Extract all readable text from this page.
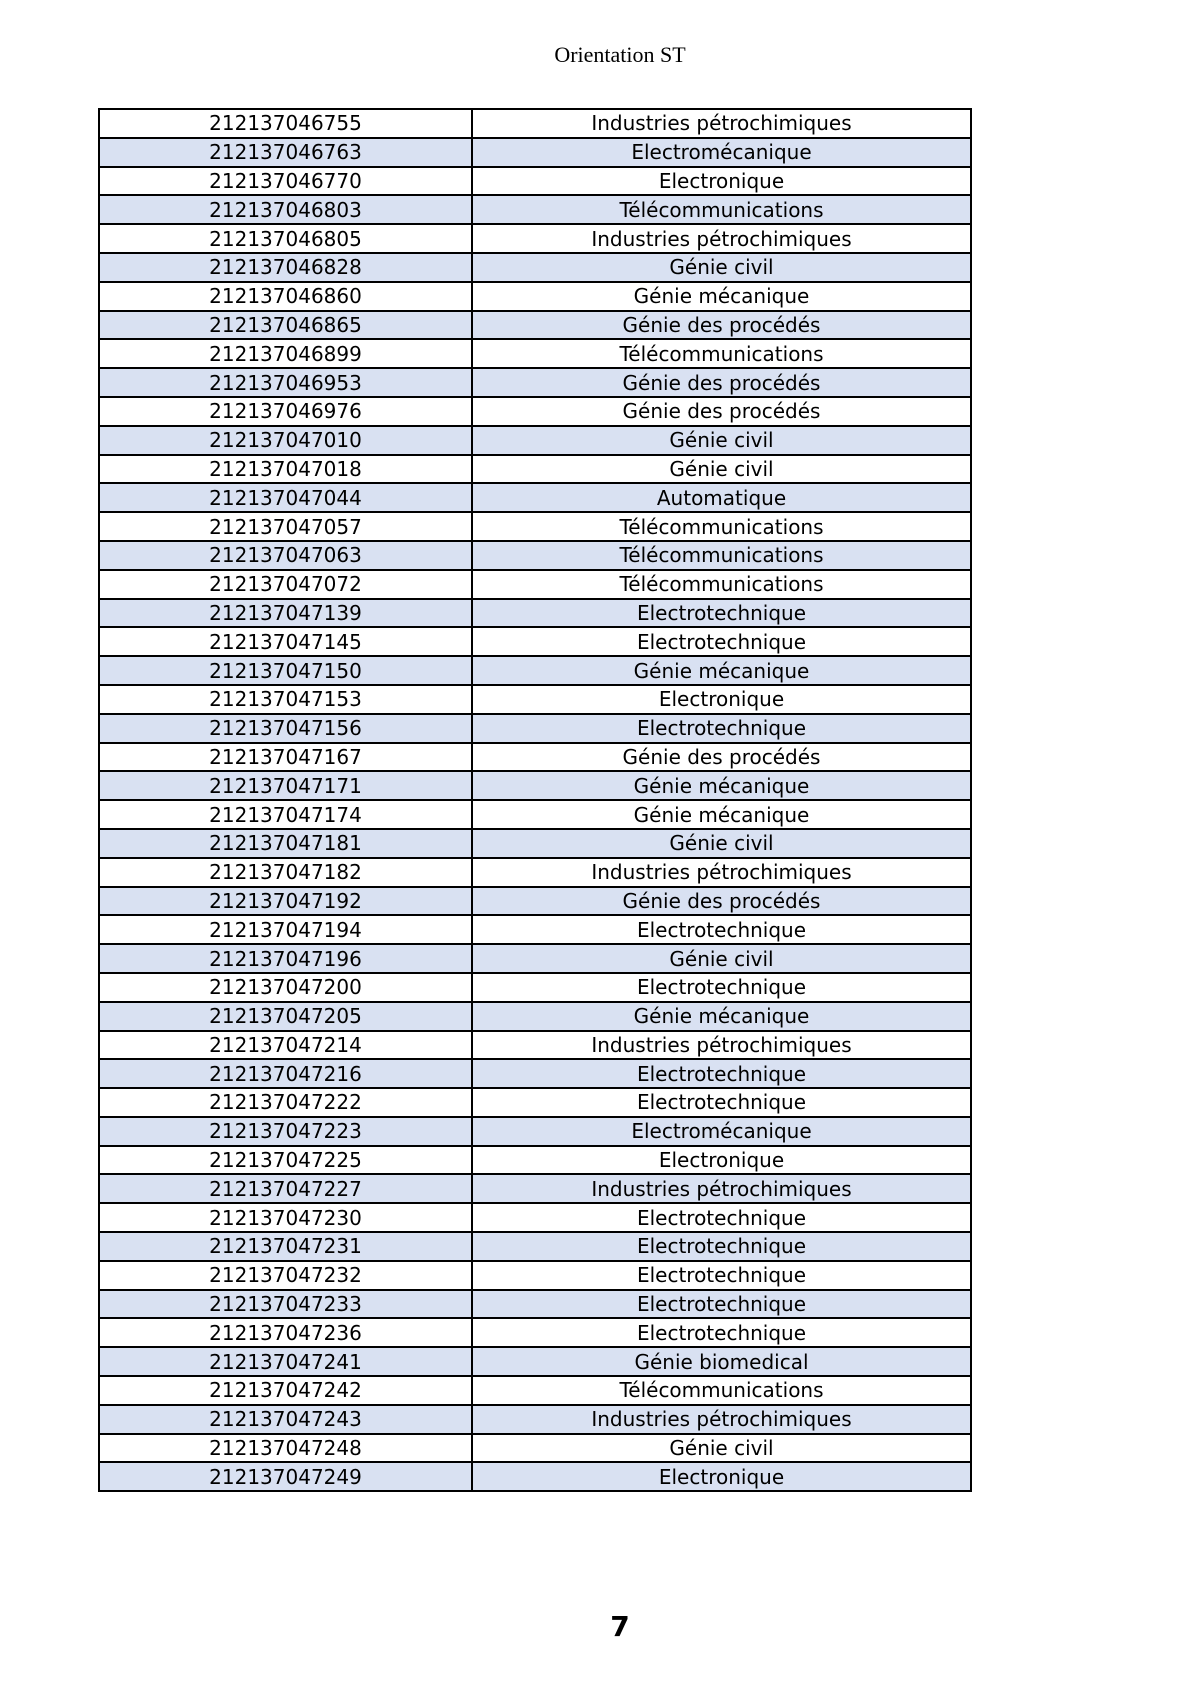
Orientation ST
212137046755	Industries pétrochimiques
212137046763	Electromécanique
212137046770	Electronique
212137046803	Télécommunications
212137046805	Industries pétrochimiques
212137046828	Génie civil
212137046860	Génie mécanique
212137046865	Génie des procédés
212137046899	Télécommunications
212137046953	Génie des procédés
212137046976	Génie des procédés
212137047010	Génie civil
212137047018	Génie civil
212137047044	Automatique
212137047057	Télécommunications
212137047063	Télécommunications
212137047072	Télécommunications
212137047139	Electrotechnique
212137047145	Electrotechnique
212137047150	Génie mécanique
212137047153	Electronique
212137047156	Electrotechnique
212137047167	Génie des procédés
212137047171	Génie mécanique
212137047174	Génie mécanique
212137047181	Génie civil
212137047182	Industries pétrochimiques
212137047192	Génie des procédés
212137047194	Electrotechnique
212137047196	Génie civil
212137047200	Electrotechnique
212137047205	Génie mécanique
212137047214	Industries pétrochimiques
212137047216	Electrotechnique
212137047222	Electrotechnique
212137047223	Electromécanique
212137047225	Electronique
212137047227	Industries pétrochimiques
212137047230	Electrotechnique
212137047231	Electrotechnique
212137047232	Electrotechnique
212137047233	Electrotechnique
212137047236	Electrotechnique
212137047241	Génie biomedical
212137047242	Télécommunications
212137047243	Industries pétrochimiques
212137047248	Génie civil
212137047249	Electronique
7
